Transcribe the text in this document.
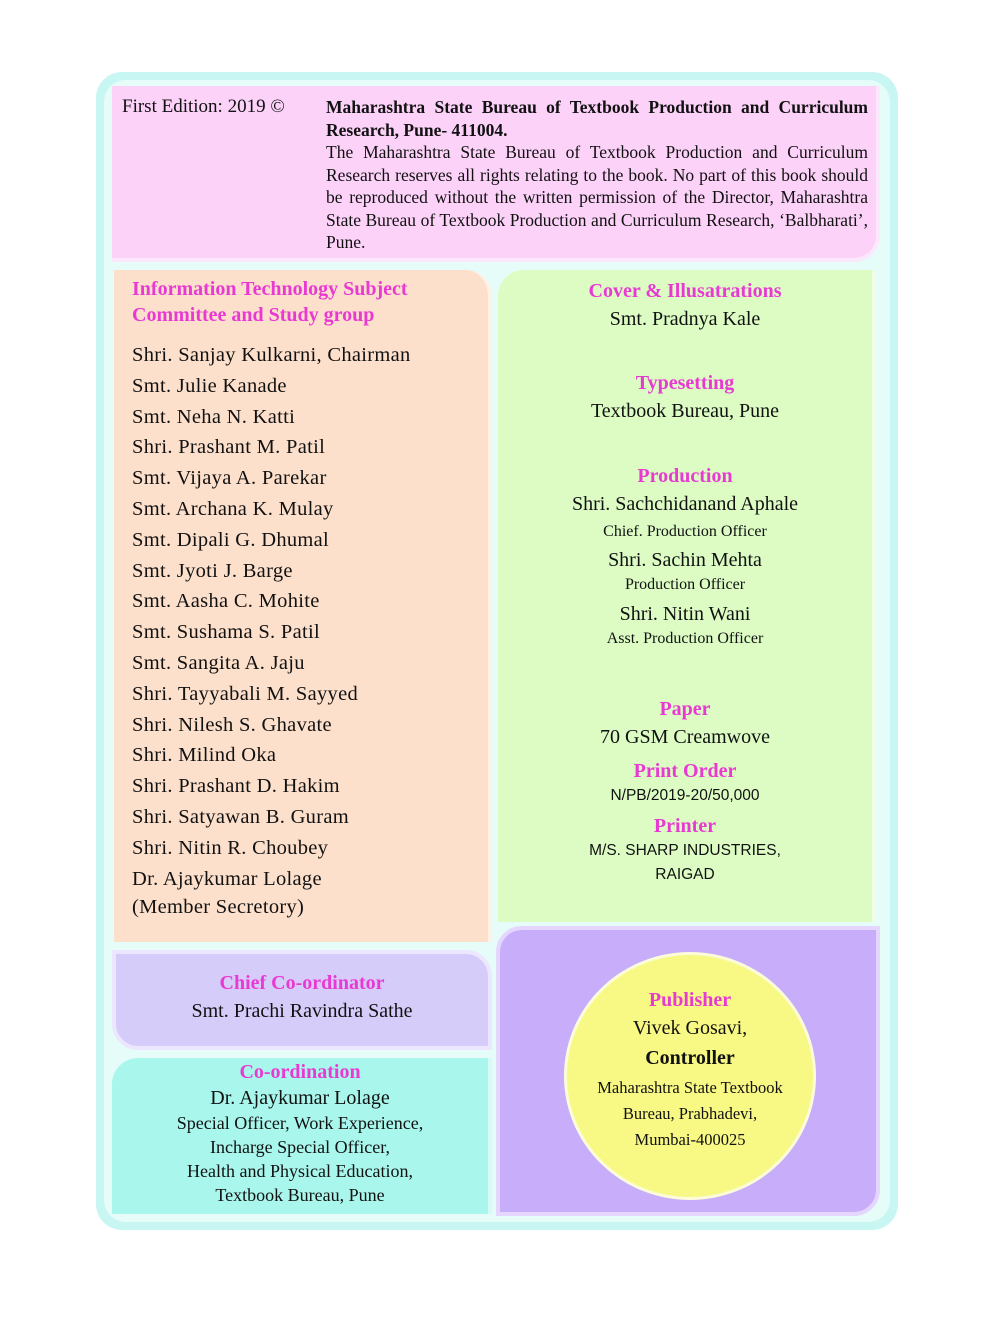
First Edition: 2019 © Maharashtra State Bureau of Textbook Production and Curriculum Research, Pune- 411004.
The Maharashtra State Bureau of Textbook Production and Curriculum Research reserves all rights relating to the book. No part of this book should be reproduced without the written permission of the Director, Maharashtra State Bureau of Textbook Production and Curriculum Research, ‘Balbharati’, Pune.
Information Technology Subject
Committee and Study group
Shri. Sanjay Kulkarni, Chairman
Smt. Julie Kanade
Smt. Neha N. Katti
Shri. Prashant M. Patil
Smt. Vijaya A. Parekar
Smt. Archana K. Mulay
Smt. Dipali G. Dhumal
Smt. Jyoti J. Barge
Smt. Aasha C. Mohite
Smt. Sushama S. Patil
Smt. Sangita A. Jaju
Shri. Tayyabali M. Sayyed
Shri. Nilesh S. Ghavate
Shri. Milind Oka
Shri. Prashant D. Hakim
Shri. Satyawan B. Guram
Shri. Nitin R. Choubey
Dr. Ajaykumar Lolage
(Member Secretory)
Cover & Illusatrations
Smt. Pradnya Kale
Typesetting
Textbook Bureau, Pune
Production
Shri. Sachchidanand Aphale
Chief. Production Officer
Shri. Sachin Mehta
Production Officer
Shri. Nitin Wani
Asst. Production Officer
Paper
70 GSM Creamwove
Print Order
N/PB/2019-20/50,000
Printer
M/S. SHARP INDUSTRIES,
RAIGAD
Chief Co-ordinator
Smt. Prachi Ravindra Sathe
Co-ordination
Dr. Ajaykumar Lolage
Special Officer, Work Experience,
Incharge Special Officer,
Health and Physical Education,
Textbook Bureau, Pune
Publisher
Vivek Gosavi,
Controller
Maharashtra State Textbook
Bureau, Prabhadevi,
Mumbai-400025
